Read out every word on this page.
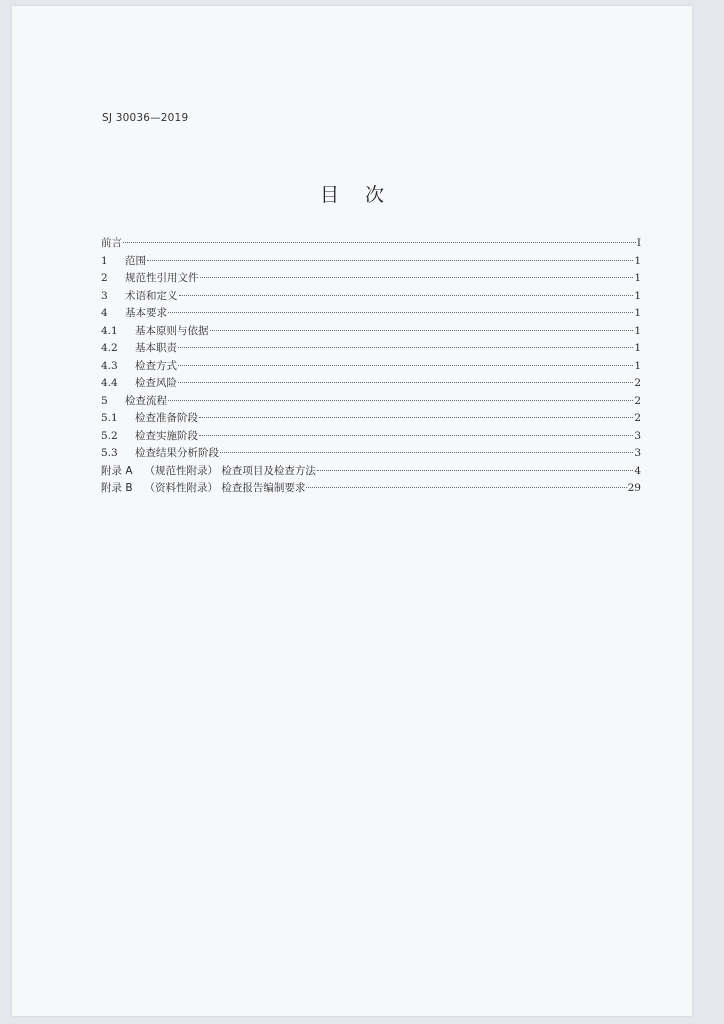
SJ 30036—2019
目次
前言	I
1 范围	1
2 规范性引用文件	1
3 术语和定义	1
4 基本要求	1
4.1 基本原则与依据	1
4.2 基本职责	1
4.3 检查方式	1
4.4 检查风险	2
5 检查流程	2
5.1 检查准备阶段	2
5.2 检查实施阶段	3
5.3 检查结果分析阶段	3
附录 A （规范性附录） 检查项目及检查方法	4
附录 B （资料性附录） 检查报告编制要求	29
